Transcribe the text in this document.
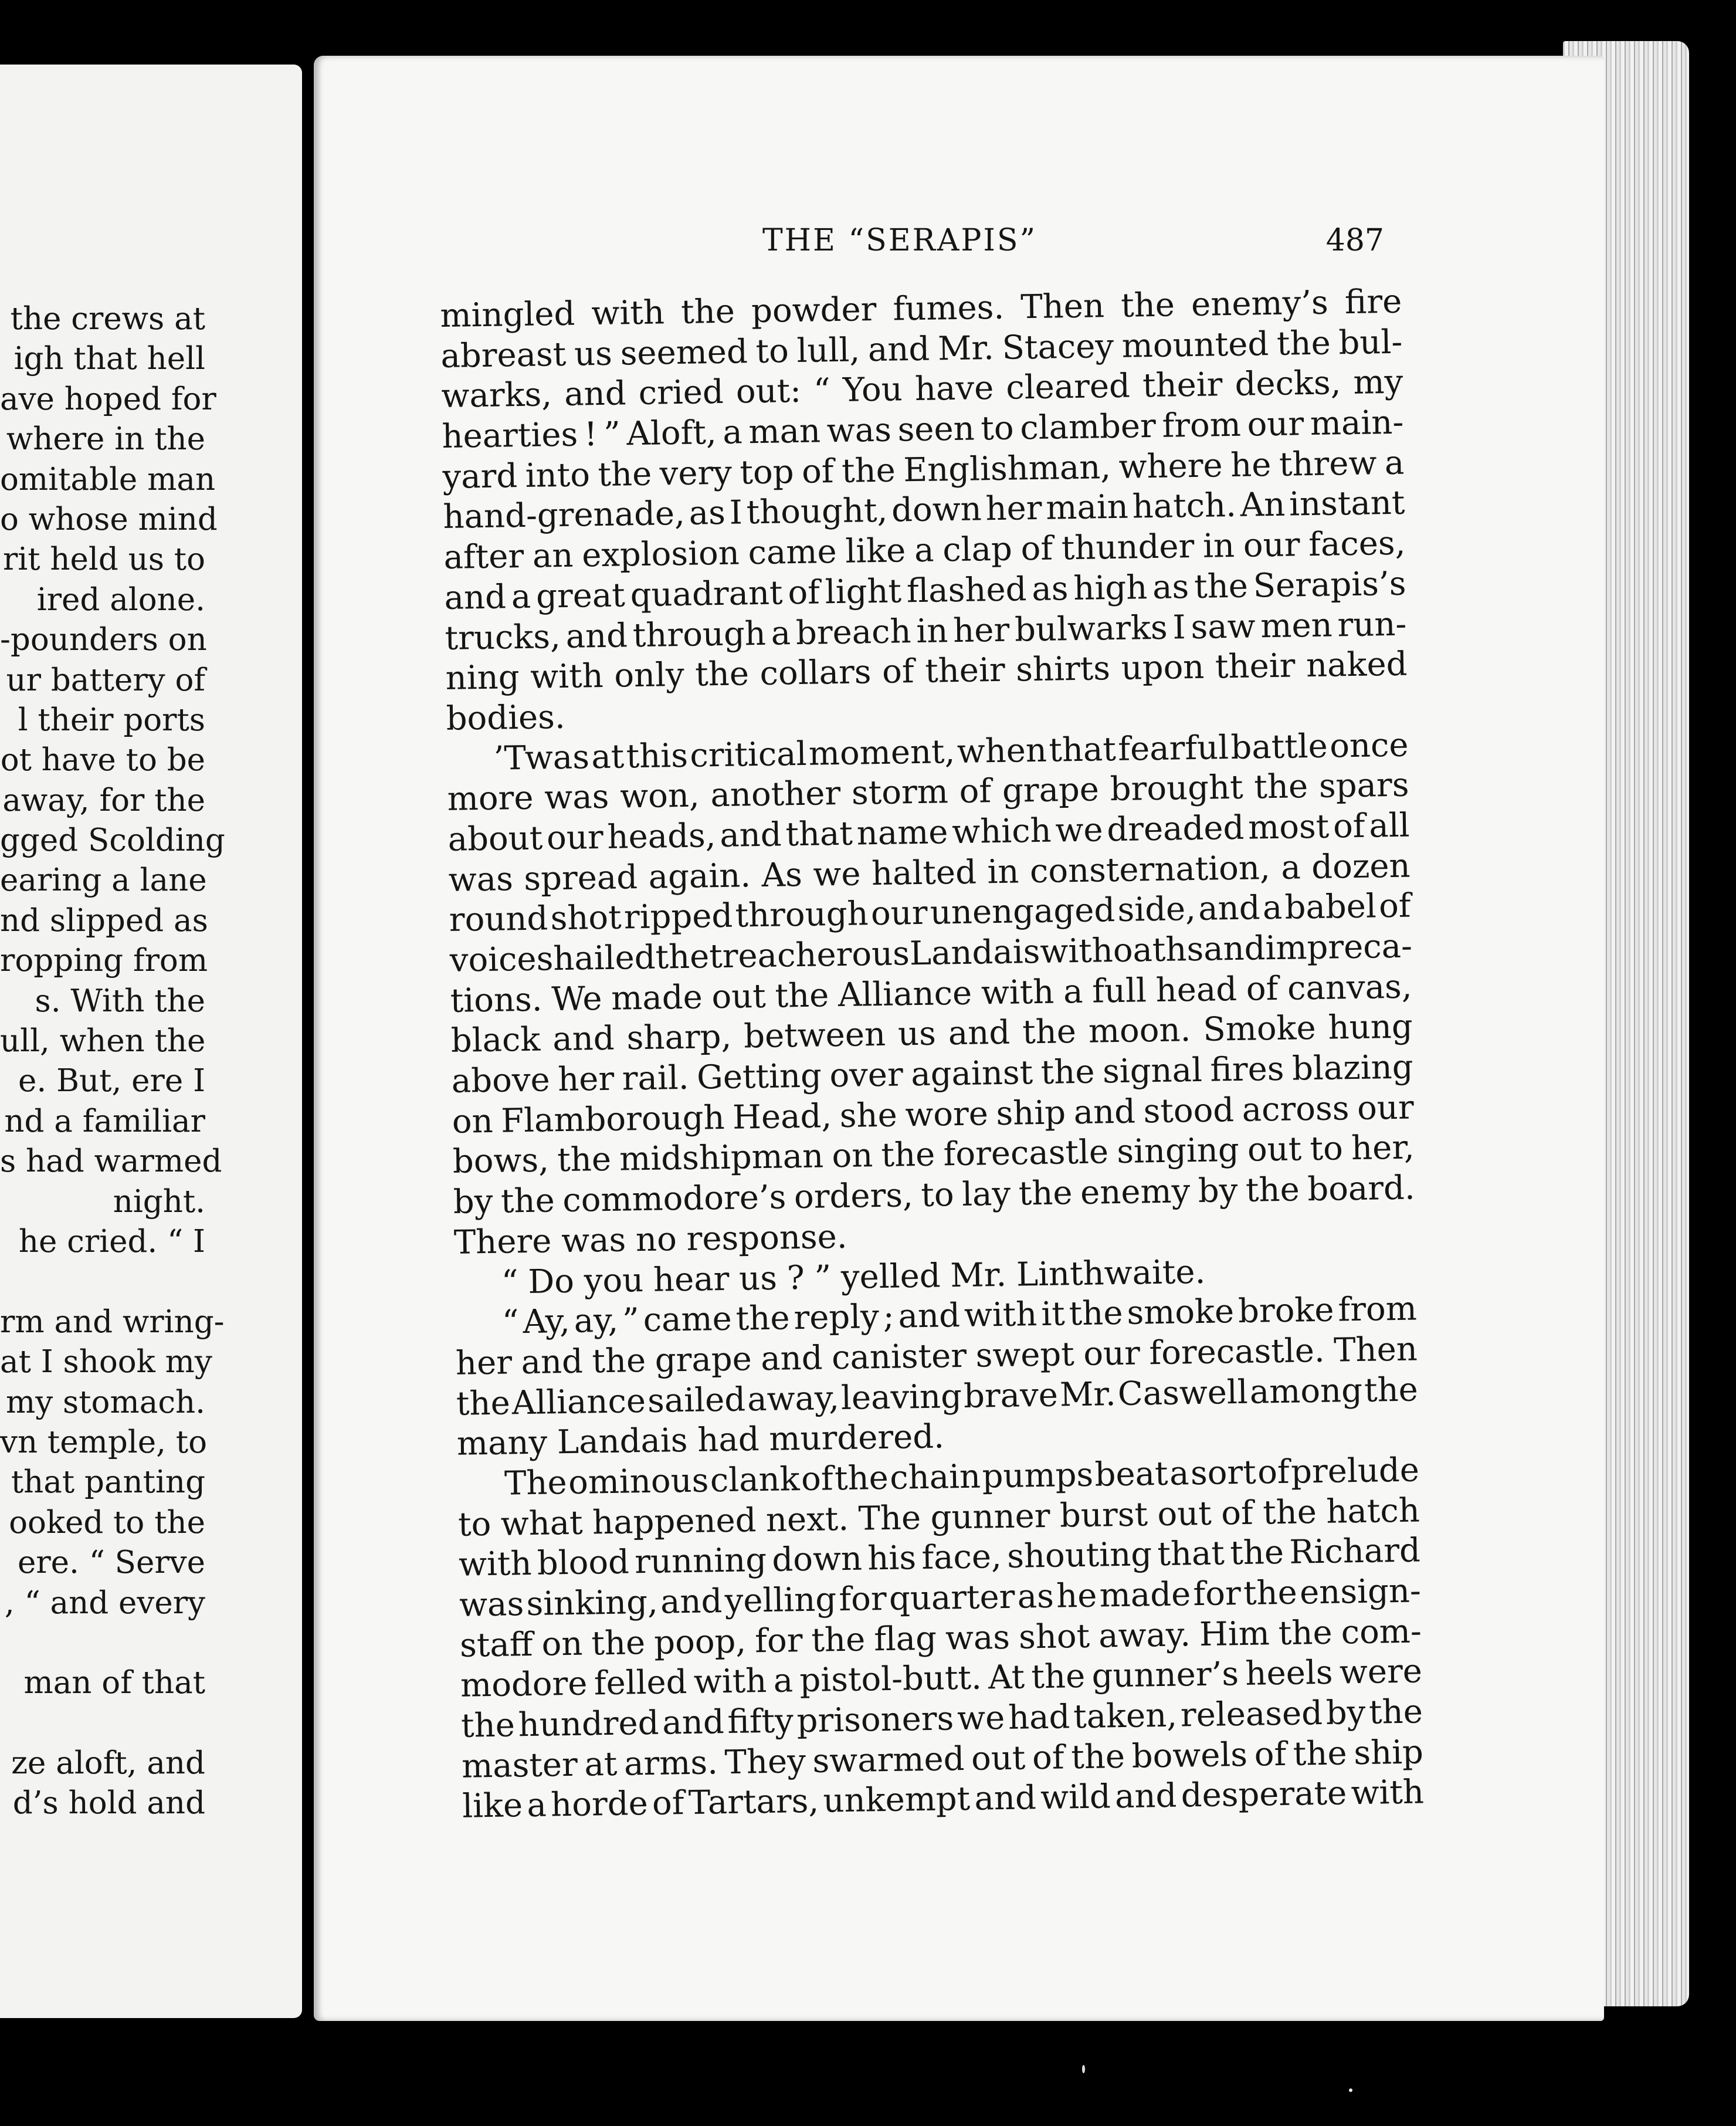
the crews at
igh that hell
ave hoped for
where in the
omitable man
o whose mind
rit held us to
ired alone.
-pounders on
ur battery of
l their ports
ot have to be
away, for the
gged Scolding
earing a lane
nd slipped as
ropping from
s. With the
ull, when the
e. But, ere I
nd a familiar
s had warmed
night.
he cried. “ I
rm and wring-
at I shook my
my stomach.
vn temple, to
that panting
ooked to the
ere. “ Serve
, “ and every
man of that
ze aloft, and
d’s hold and
THE “SERAPIS”	487
mingled with the powder fumes. Then the enemy’s fire
abreast us seemed to lull, and Mr. Stacey mounted the bul-
warks, and cried out: “ You have cleared their decks, my
hearties ! ” Aloft, a man was seen to clamber from our main-
yard into the very top of the Englishman, where he threw a
hand-grenade, as I thought, down her main hatch. An instant
after an explosion came like a clap of thunder in our faces,
and a great quadrant of light flashed as high as the Serapis’s
trucks, and through a breach in her bulwarks I saw men run-
ning with only the collars of their shirts upon their naked
bodies.
’Twas at this critical moment, when that fearful battle once
more was won, another storm of grape brought the spars
about our heads, and that name which we dreaded most of all
was spread again. As we halted in consternation, a dozen
round shot ripped through our unengaged side, and a babel of
voices hailed the treacherous Landais with oaths and impreca-
tions. We made out the Alliance with a full head of canvas,
black and sharp, between us and the moon. Smoke hung
above her rail. Getting over against the signal fires blazing
on Flamborough Head, she wore ship and stood across our
bows, the midshipman on the forecastle singing out to her,
by the commodore’s orders, to lay the enemy by the board.
There was no response.
“ Do you hear us ? ” yelled Mr. Linthwaite.
“ Ay, ay, ” came the reply ; and with it the smoke broke from
her and the grape and canister swept our forecastle. Then
the Alliance sailed away, leaving brave Mr. Caswell among the
many Landais had murdered.
The ominous clank of the chain pumps beat a sort of prelude
to what happened next. The gunner burst out of the hatch
with blood running down his face, shouting that the Richard
was sinking, and yelling for quarter as he made for the ensign-
staff on the poop, for the flag was shot away. Him the com-
modore felled with a pistol-butt. At the gunner’s heels were
the hundred and fifty prisoners we had taken, released by the
master at arms. They swarmed out of the bowels of the ship
like a horde of Tartars, unkempt and wild and desperate with
